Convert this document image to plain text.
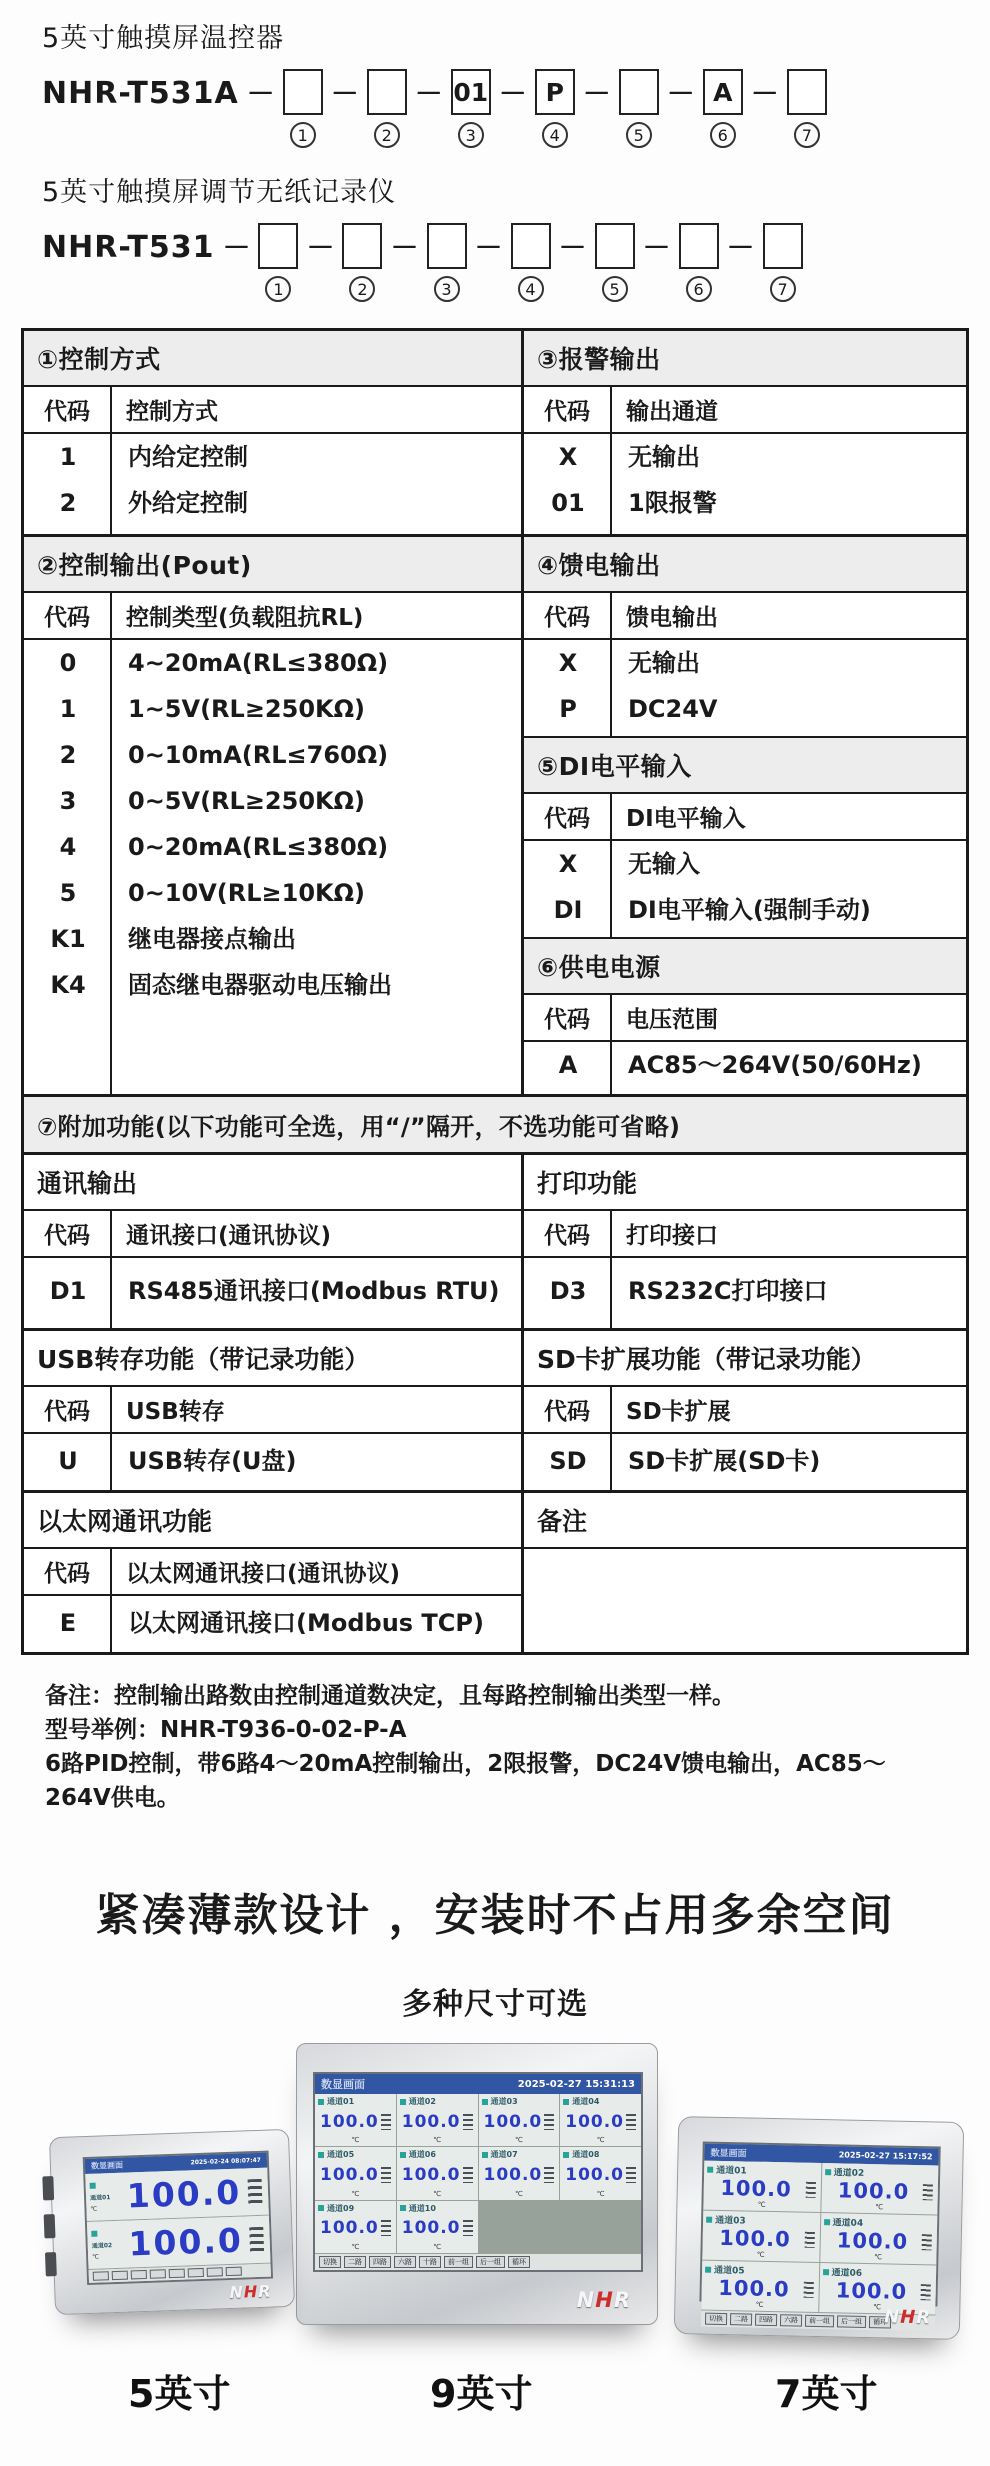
5英寸触摸屏温控器
NHR-T531A －
1
－
2
－ 01
3
－ P
4
－
5
－ A
6
－
7
5英寸触摸屏调节无纸记录仪
NHR-T531 －
1
－
2
－
3
－
4
－
5
－
6
－
7
①控制方式
代码	控制方式
1	内给定控制
2	外给定控制
③报警输出
代码	输出通道
X	无输出
01	1限报警
②控制输出(Pout)
代码	控制类型(负载阻抗RL)
0	4~20mA(RL≤380Ω)
1	1~5V(RL≥250KΩ)
2	0~10mA(RL≤760Ω)
3	0~5V(RL≥250KΩ)
4	0~20mA(RL≤380Ω)
5	0~10V(RL≥10KΩ)
K1	继电器接点输出
K4	固态继电器驱动电压输出
④馈电输出
代码	馈电输出
X	无输出
P	DC24V
⑤DI电平输入
代码	DI电平输入
X	无输入
DI	DI电平输入(强制手动)
⑥供电电源
代码	电压范围
A	AC85～264V(50/60Hz)
⑦附加功能(以下功能可全选，用“/”隔开，不选功能可省略)
通讯输出
代码	通讯接口(通讯协议)
D1	RS485通讯接口(Modbus RTU)
打印功能
代码	打印接口
D3	RS232C打印接口
USB转存功能（带记录功能）
代码	USB转存
U	USB转存(U盘)
SD卡扩展功能（带记录功能）
代码	SD卡扩展
SD	SD卡扩展(SD卡)
以太网通讯功能
代码	以太网通讯接口(通讯协议)
E	以太网通讯接口(Modbus TCP)
备注
备注：控制输出路数由控制通道数决定，且每路控制输出类型一样。
型号举例：NHR-T936-0-02-P-A
6路PID控制，带6路4～20mA控制输出，2限报警，DC24V馈电输出，AC85～264V供电。
紧凑薄款设计 ，安装时不占用多余空间
多种尺寸可选
数显画面	2025-02-27 15:31:13
通道01
100.0
℃
通道02
100.0
℃
通道03
100.0
℃
通道04
100.0
℃
通道05
100.0
℃
通道06
100.0
℃
通道07
100.0
℃
通道08
100.0
℃
通道09
100.0
℃
通道10
100.0
℃
切换	二路	四路	六路	十路	前一组	后一组	循环
NHR
数显画面	2025-02-24 08:07:47
通道01
℃ 100.0
通道02
℃ 100.0
NHR
数显画面	2025-02-27 15:17:52
通道01
100.0
℃
通道02
100.0
℃
通道03
100.0
℃
通道04
100.0
℃
通道05
100.0
℃
通道06
100.0
℃
切换	二路	四路	六路	前一组	后一组	循环
NHR
5英寸	9英寸	7英寸
